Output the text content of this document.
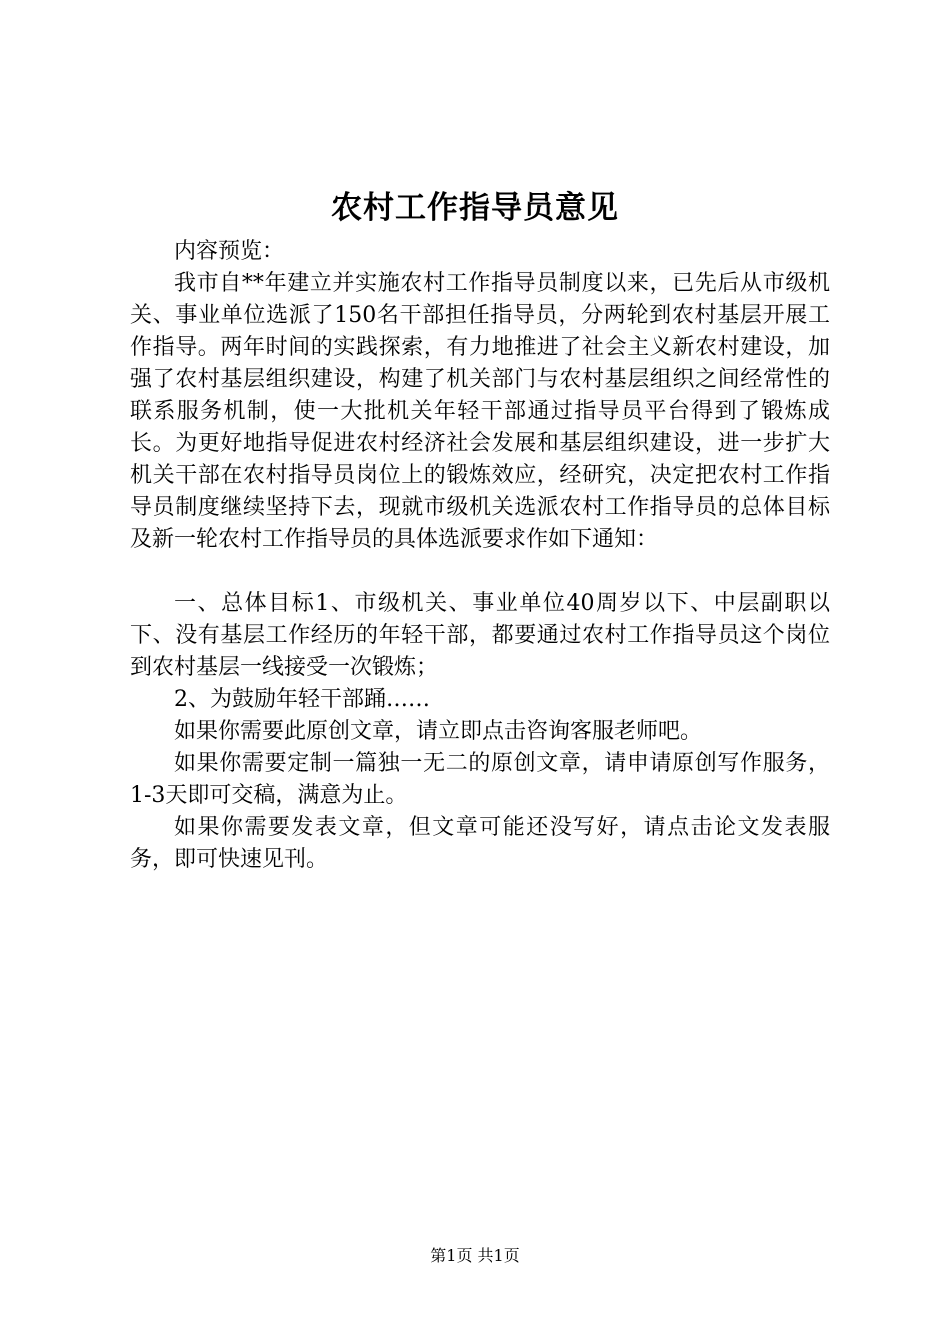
农村工作指导员意见

内容预览：

我市自**年建立并实施农村工作指导员制度以来，已先后从市级机关、事业单位选派了150名干部担任指导员，分两轮到农村基层开展工作指导。两年时间的实践探索，有力地推进了社会主义新农村建设，加强了农村基层组织建设，构建了机关部门与农村基层组织之间经常性的联系服务机制，使一大批机关年轻干部通过指导员平台得到了锻炼成长。为更好地指导促进农村经济社会发展和基层组织建设，进一步扩大机关干部在农村指导员岗位上的锻炼效应，经研究，决定把农村工作指导员制度继续坚持下去，现就市级机关选派农村工作指导员的总体目标及新一轮农村工作指导员的具体选派要求作如下通知：

一、总体目标1、市级机关、事业单位40周岁以下、中层副职以下、没有基层工作经历的年轻干部，都要通过农村工作指导员这个岗位到农村基层一线接受一次锻炼；

2、为鼓励年轻干部踊……

如果你需要此原创文章，请立即点击咨询客服老师吧。

如果你需要定制一篇独一无二的原创文章，请申请原创写作服务，1-3天即可交稿，满意为止。

如果你需要发表文章，但文章可能还没写好，请点击论文发表服务，即可快速见刊。

第1页 共1页
